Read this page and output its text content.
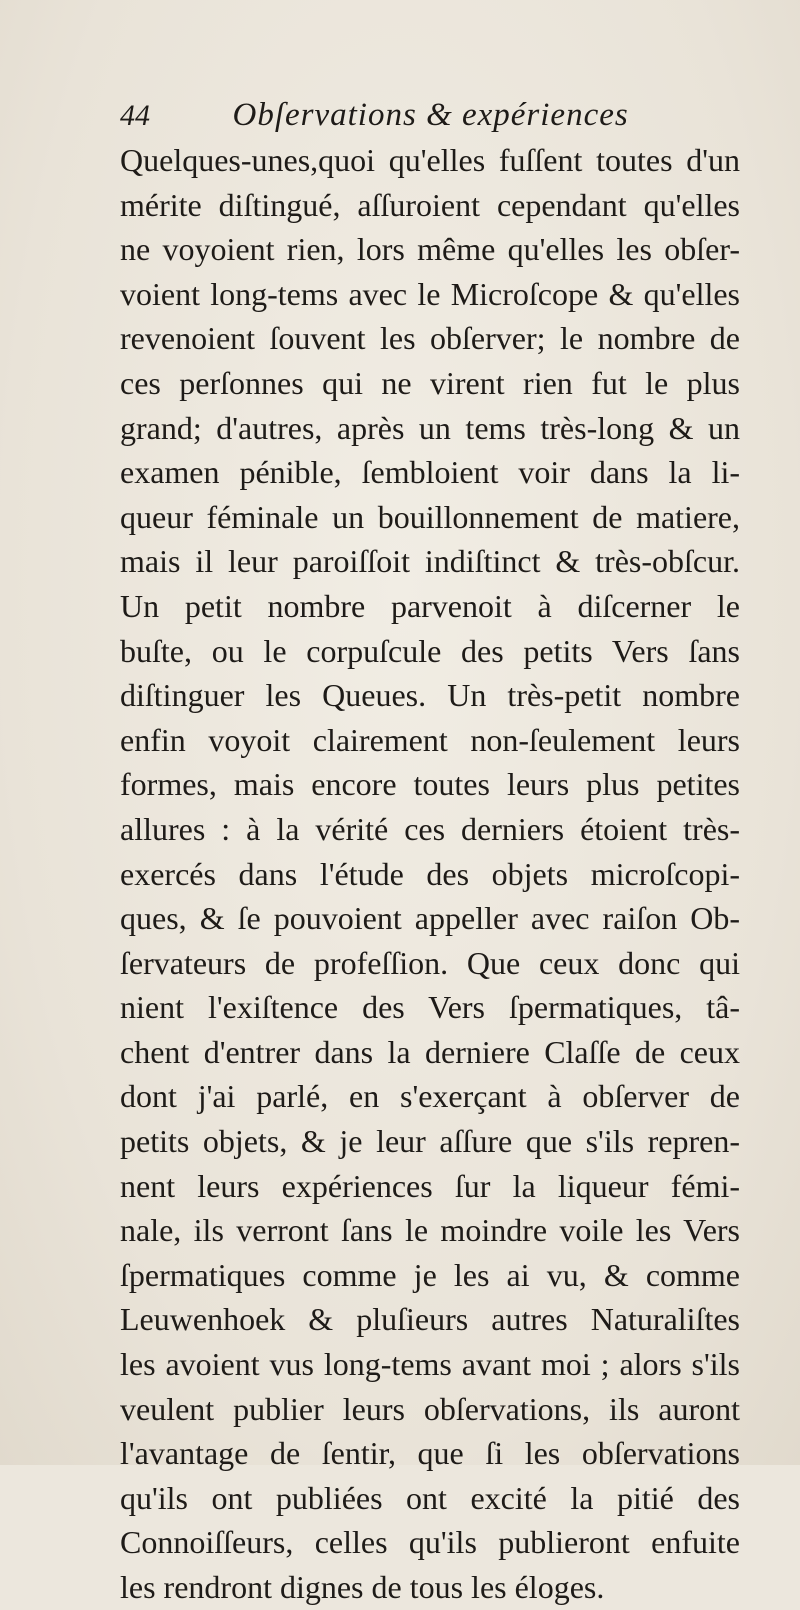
44	Obſervations & expériences
Quelques-unes,quoi qu'elles fuſſent toutes d'un
mérite diſtingué, aſſuroient cependant qu'elles
ne voyoient rien, lors même qu'elles les obſer-
voient long-tems avec le Microſcope & qu'elles
revenoient ſouvent les obſerver; le nombre de
ces perſonnes qui ne virent rien fut le plus
grand; d'autres, après un tems très-long & un
examen pénible, ſembloient voir dans la li-
queur féminale un bouillonnement de matiere,
mais il leur paroiſſoit indiſtinct & très-obſcur.
Un petit nombre parvenoit à diſcerner le
buſte, ou le corpuſcule des petits Vers ſans
diſtinguer les Queues. Un très-petit nombre
enfin voyoit clairement non-ſeulement leurs
formes, mais encore toutes leurs plus petites
allures : à la vérité ces derniers étoient très-
exercés dans l'étude des objets microſcopi-
ques, & ſe pouvoient appeller avec raiſon Ob-
ſervateurs de profeſſion. Que ceux donc qui
nient l'exiſtence des Vers ſpermatiques, tâ-
chent d'entrer dans la derniere Claſſe de ceux
dont j'ai parlé, en s'exerçant à obſerver de
petits objets, & je leur aſſure que s'ils repren-
nent leurs expériences ſur la liqueur fémi-
nale, ils verront ſans le moindre voile les Vers
ſpermatiques comme je les ai vu, & comme
Leuwenhoek & pluſieurs autres Naturaliſtes
les avoient vus long-tems avant moi ; alors s'ils
veulent publier leurs obſervations, ils auront
l'avantage de ſentir, que ſi les obſervations
qu'ils ont publiées ont excité la pitié des
Connoiſſeurs, celles qu'ils publieront enfuite
les rendront dignes de tous les éloges.
